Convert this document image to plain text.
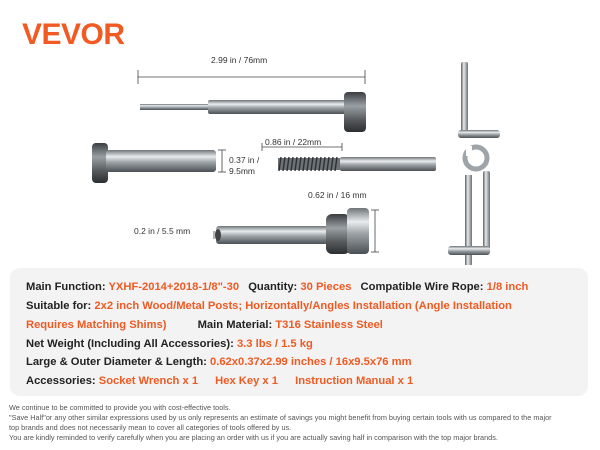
VEVOR
2.99 in / 76mm
0.86 in / 22mm
0.37 in /
9.5mm
0.62 in / 16 mm
0.2 in / 5.5 mm
Main Function: YXHF-2014+2018-1/8"-30 Quantity: 30 Pieces Compatible Wire Rope: 1/8 inch
Suitable for: 2x2 inch Wood/Metal Posts; Horizontally/Angles Installation (Angle Installation
Requires Matching Shims)	Main Material: T316 Stainless Steel
Net Weight (Including All Accessories): 3.3 lbs / 1.5 kg
Large & Outer Diameter & Length: 0.62x0.37x2.99 inches / 16x9.5x76 mm
Accessories: Socket Wrench x 1 Hex Key x 1 Instruction Manual x 1
We continue to be committed to provide you with cost-effective tools.
"Save Half"or any other similar expressions used by us only represents an estimate of savings you might benefit from buying certain tools with us compared to the major
top brands and does not necessarily mean to cover all categories of tools offered by us.
You are kindly reminded to verify carefully when you are placing an order with us if you are actually saving half in comparison with the top major brands.
